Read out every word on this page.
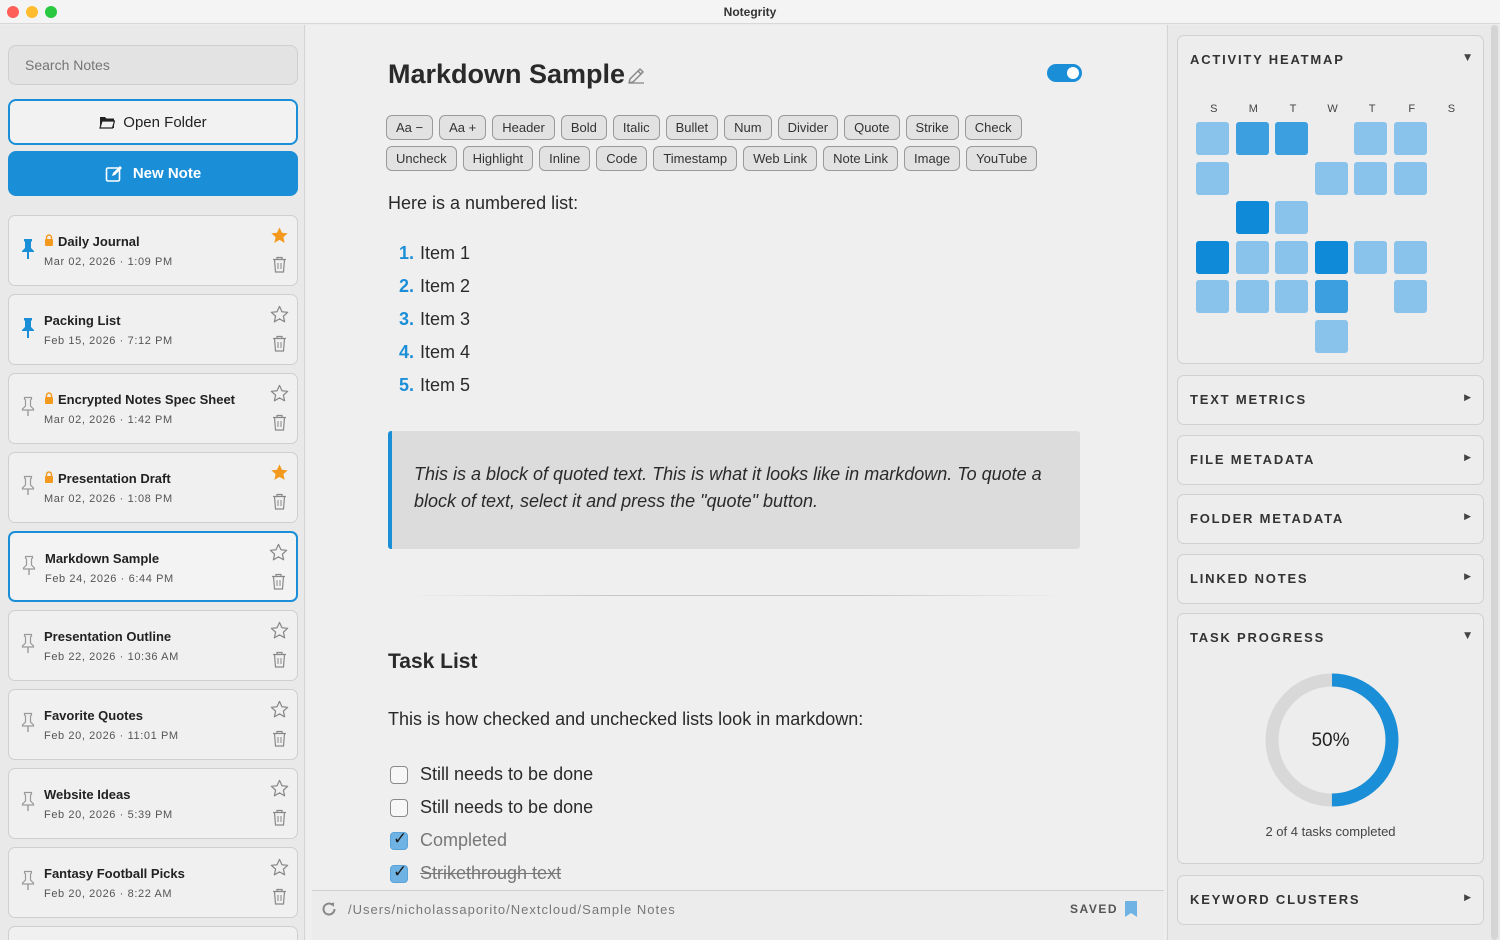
Notegrity
Search Notes
Open Folder
New Note
Daily Journal
Mar 02, 2026 · 1:09 PM
Packing List
Feb 15, 2026 · 7:12 PM
Encrypted Notes Spec Sheet
Mar 02, 2026 · 1:42 PM
Presentation Draft
Mar 02, 2026 · 1:08 PM
Markdown Sample
Feb 24, 2026 · 6:44 PM
Presentation Outline
Feb 22, 2026 · 10:36 AM
Favorite Quotes
Feb 20, 2026 · 11:01 PM
Website Ideas
Feb 20, 2026 · 5:39 PM
Fantasy Football Picks
Feb 20, 2026 · 8:22 AM
Markdown Sample
Aa −	Aa +	Header	Bold	Italic	Bullet	Num	Divider	Quote	Strike	Check
Uncheck	Highlight	Inline	Code	Timestamp	Web Link	Note Link	Image	YouTube
Here is a numbered list:
1. Item 1
2. Item 2
3. Item 3
4. Item 4
5. Item 5
This is a block of quoted text. This is what it looks like in markdown. To quote a block of text, select it and press the "quote" button.
Task List
This is how checked and unchecked lists look in markdown:
Still needs to be done
Still needs to be done
✓
Completed
✓
Strikethrough text
/Users/nicholassaporito/Nextcloud/Sample Notes	SAVED
ACTIVITY HEATMAP	▼
S	M	T	W	T	F	S
TEXT METRICS	▶
FILE METADATA	▶
FOLDER METADATA	▶
LINKED NOTES	▶
TASK PROGRESS	▼
50%
2 of 4 tasks completed
KEYWORD CLUSTERS	▶
